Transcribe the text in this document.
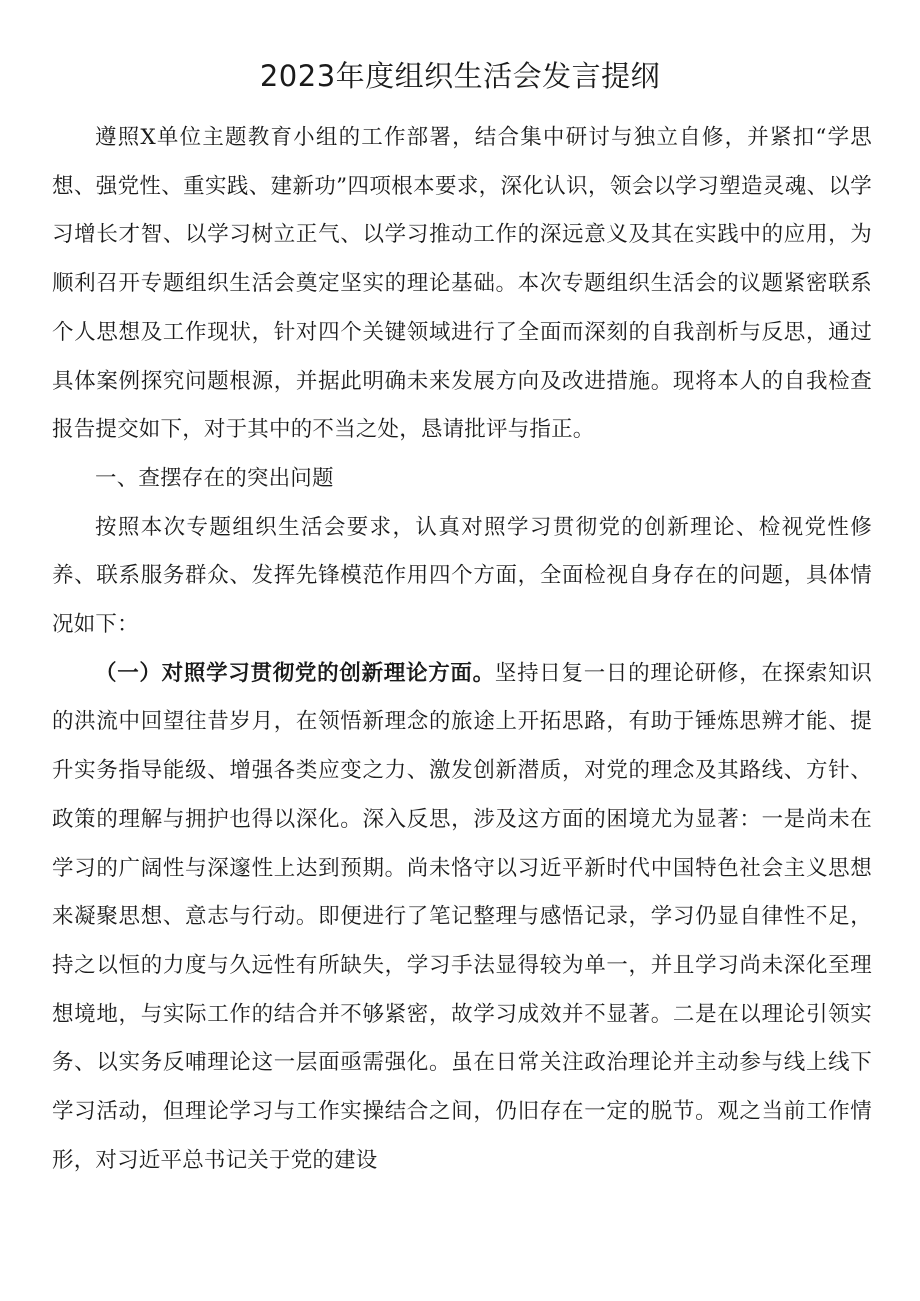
2023年度组织生活会发言提纲

遵照X单位主题教育小组的工作部署，结合集中研讨与独立自修，并紧扣“学思想、强党性、重实践、建新功”四项根本要求，深化认识，领会以学习塑造灵魂、以学习增长才智、以学习树立正气、以学习推动工作的深远意义及其在实践中的应用，为顺利召开专题组织生活会奠定坚实的理论基础。本次专题组织生活会的议题紧密联系个人思想及工作现状，针对四个关键领域进行了全面而深刻的自我剖析与反思，通过具体案例探究问题根源，并据此明确未来发展方向及改进措施。现将本人的自我检查报告提交如下，对于其中的不当之处，恳请批评与指正。

一、查摆存在的突出问题

按照本次专题组织生活会要求，认真对照学习贯彻党的创新理论、检视党性修养、联系服务群众、发挥先锋模范作用四个方面，全面检视自身存在的问题，具体情况如下：

（一）对照学习贯彻党的创新理论方面。坚持日复一日的理论研修，在探索知识的洪流中回望往昔岁月，在领悟新理念的旅途上开拓思路，有助于锤炼思辨才能、提升实务指导能级、增强各类应变之力、激发创新潜质，对党的理念及其路线、方针、政策的理解与拥护也得以深化。深入反思，涉及这方面的困境尤为显著：一是尚未在学习的广阔性与深邃性上达到预期。尚未恪守以习近平新时代中国特色社会主义思想来凝聚思想、意志与行动。即便进行了笔记整理与感悟记录，学习仍显自律性不足，持之以恒的力度与久远性有所缺失，学习手法显得较为单一，并且学习尚未深化至理想境地，与实际工作的结合并不够紧密，故学习成效并不显著。二是在以理论引领实务、以实务反哺理论这一层面亟需强化。虽在日常关注政治理论并主动参与线上线下学习活动，但理论学习与工作实操结合之间，仍旧存在一定的脱节。观之当前工作情形，对习近平总书记关于党的建设
